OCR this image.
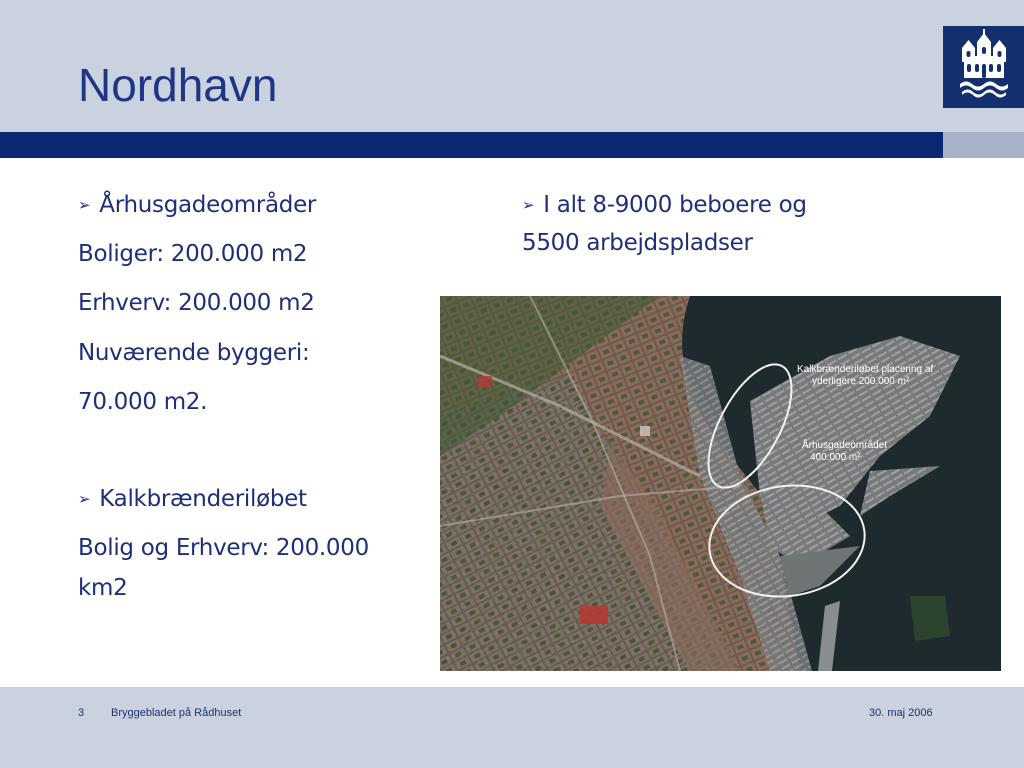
Nordhavn
➢ Århusgadeområder
Boliger: 200.000 m2
Erhverv: 200.000 m2
Nuværende byggeri:
70.000 m2.
➢ Kalkbrænderiløbet
Bolig og Erhverv: 200.000
km2
➢ I alt 8-9000 beboere og
5500 arbejdspladser
Kalkbrænderiløbet placering af
yderligere 200.000 m²
Århusgadeområdet
400.000 m²
3 Bryggebladet på Rådhuset	30. maj 2006
